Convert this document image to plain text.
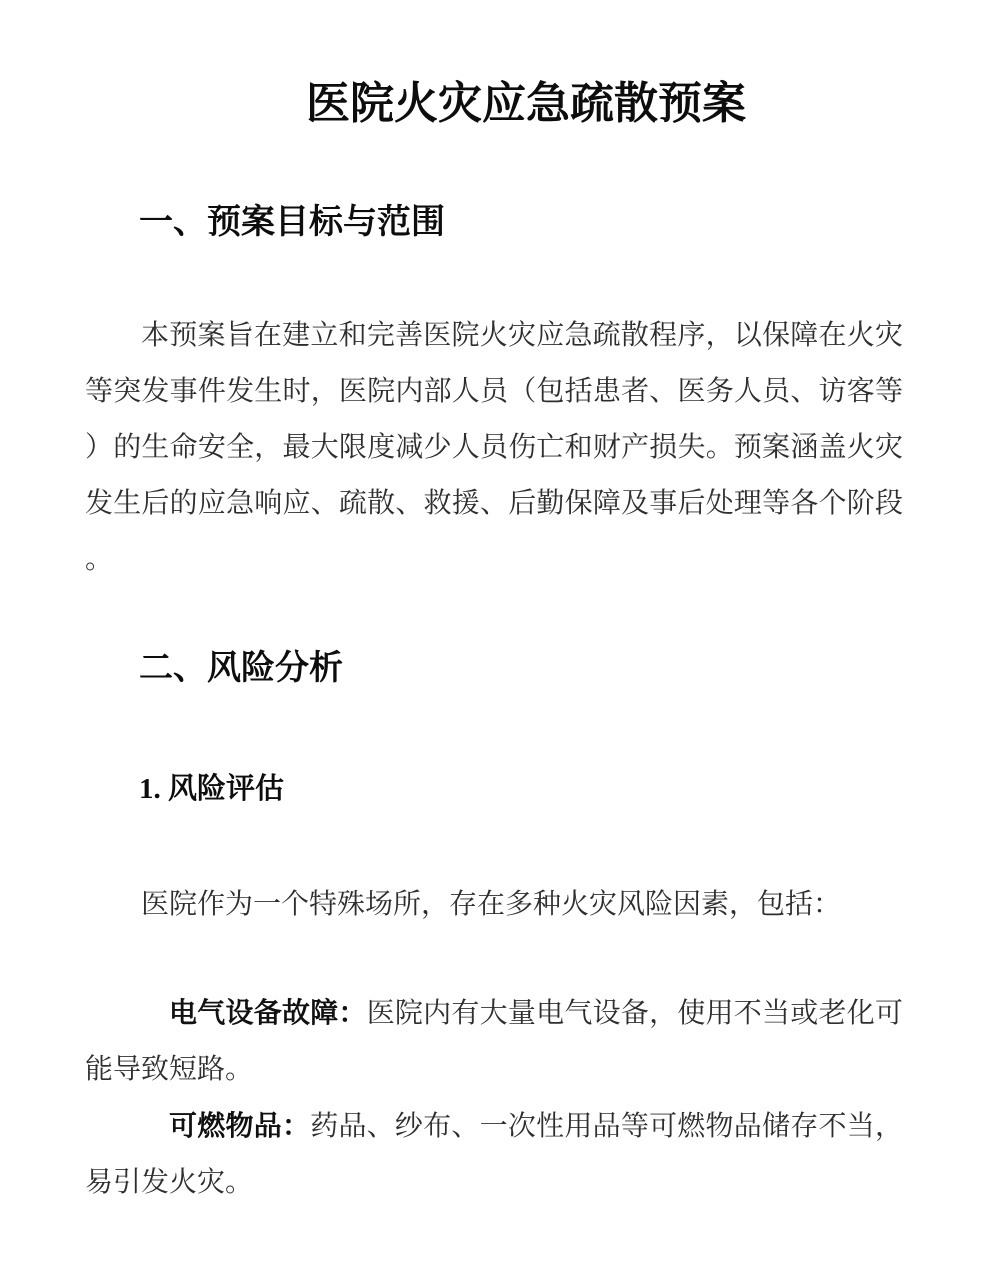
医院火灾应急疏散预案
一、预案目标与范围
本预案旨在建立和完善医院火灾应急疏散程序，以保障在火灾
等突发事件发生时，医院内部人员（包括患者、医务人员、访客等
）的生命安全，最大限度减少人员伤亡和财产损失。预案涵盖火灾
发生后的应急响应、疏散、救援、后勤保障及事后处理等各个阶段
。
二、风险分析
1. 风险评估
医院作为一个特殊场所，存在多种火灾风险因素，包括：
电气设备故障：医院内有大量电气设备，使用不当或老化可
能导致短路。
可燃物品：药品、纱布、一次性用品等可燃物品储存不当，
易引发火灾。
